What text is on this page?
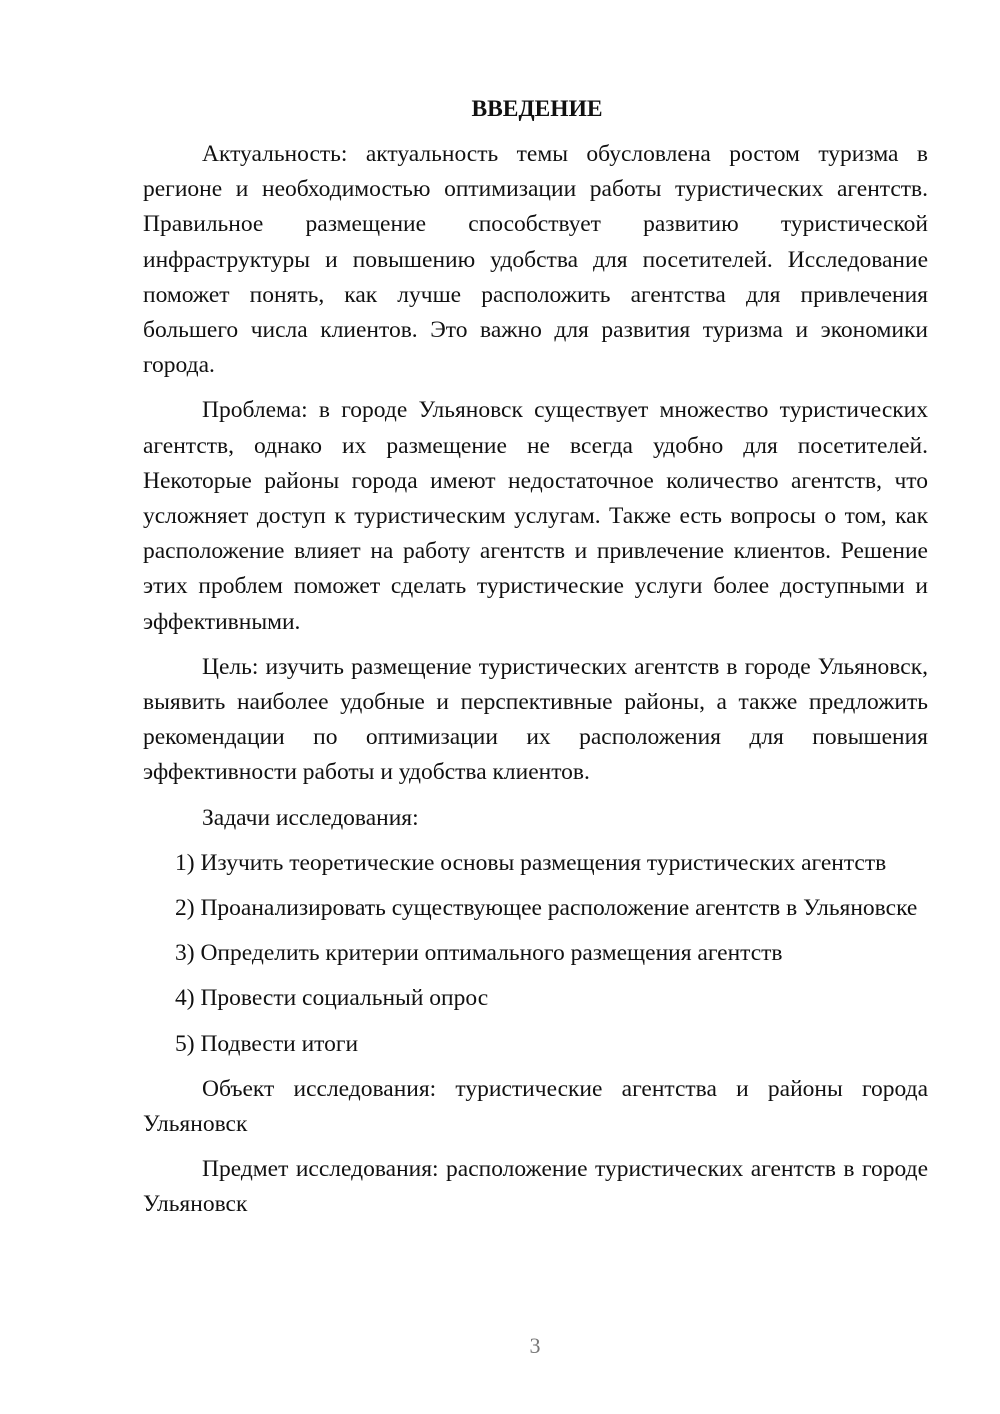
ВВЕДЕНИЕ

Актуальность: актуальность темы обусловлена ростом туризма в регионе и необходимостью оптимизации работы туристических агентств. Правильное размещение способствует развитию туристической инфраструктуры и повышению удобства для посетителей. Исследование поможет понять, как лучше расположить агентства для привлечения большего числа клиентов. Это важно для развития туризма и экономики города.

Проблема: в городе Ульяновск существует множество туристических агентств, однако их размещение не всегда удобно для посетителей. Некоторые районы города имеют недостаточное количество агентств, что усложняет доступ к туристическим услугам. Также есть вопросы о том, как расположение влияет на работу агентств и привлечение клиентов. Решение этих проблем поможет сделать туристические услуги более доступными и эффективными.

Цель: изучить размещение туристических агентств в городе Ульяновск, выявить наиболее удобные и перспективные районы, а также предложить рекомендации по оптимизации их расположения для повышения эффективности работы и удобства клиентов.

Задачи исследования:

1) Изучить теоретические основы размещения туристических агентств

2) Проанализировать существующее расположение агентств в Ульяновске

3) Определить критерии оптимального размещения агентств

4) Провести социальный опрос

5) Подвести итоги

Объект исследования: туристические агентства и районы города Ульяновск

Предмет исследования: расположение туристических агентств в городе Ульяновск

3
